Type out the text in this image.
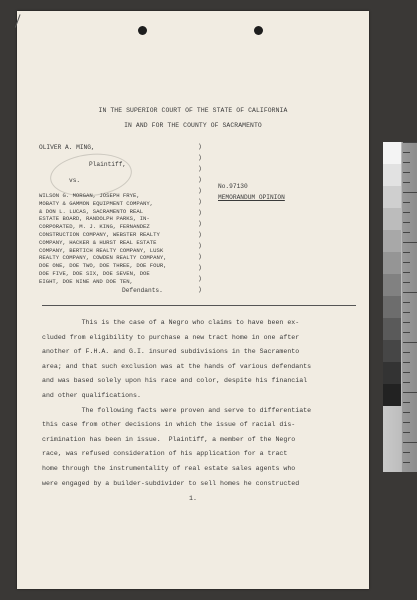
IN THE SUPERIOR COURT OF THE STATE OF CALIFORNIA
IN AND FOR THE COUNTY OF SACRAMENTO
OLIVER A. MING,
Plaintiff,
vs.
WILSON G. MORGAN, JOSEPH FRYE,
MOBATY & GAMMON EQUIPMENT COMPANY,
& DON L. LUCAS, SACRAMENTO REAL
ESTATE BOARD, RANDOLPH PARKS, IN-
CORPORATED, M. J. KING, FERNANDEZ
CONSTRUCTION COMPANY, WEBSTER REALTY
COMPANY, HACKER & HURST REAL ESTATE
COMPANY, BERTICH REALTY COMPANY, LUSK
REALTY COMPANY, COWDEN REALTY COMPANY,
DOE ONE, DOE TWO, DOE THREE, DOE FOUR,
DOE FIVE, DOE SIX, DOE SEVEN, DOE
EIGHT, DOE NINE AND DOE TEN,
Defendants.
)
)
)
)
)
)
)
)
)
)
)
)
)
)
No.97130
MEMORANDUM OPINION
This is the case of a Negro who claims to have been ex-
cluded from eligibility to purchase a new tract home in one after
another of F.H.A. and G.I. insured subdivisions in the Sacramento
area; and that such exclusion was at the hands of various defendants
and was based solely upon his race and color, despite his financial
and other qualifications.
The following facts were proven and serve to differentiate
this case from other decisions in which the issue of racial dis-
crimination has been in issue.  Plaintiff, a member of the Negro
race, was refused consideration of his application for a tract
home through the instrumentality of real estate sales agents who
were engaged by a builder-subdivider to sell homes he constructed
1.
